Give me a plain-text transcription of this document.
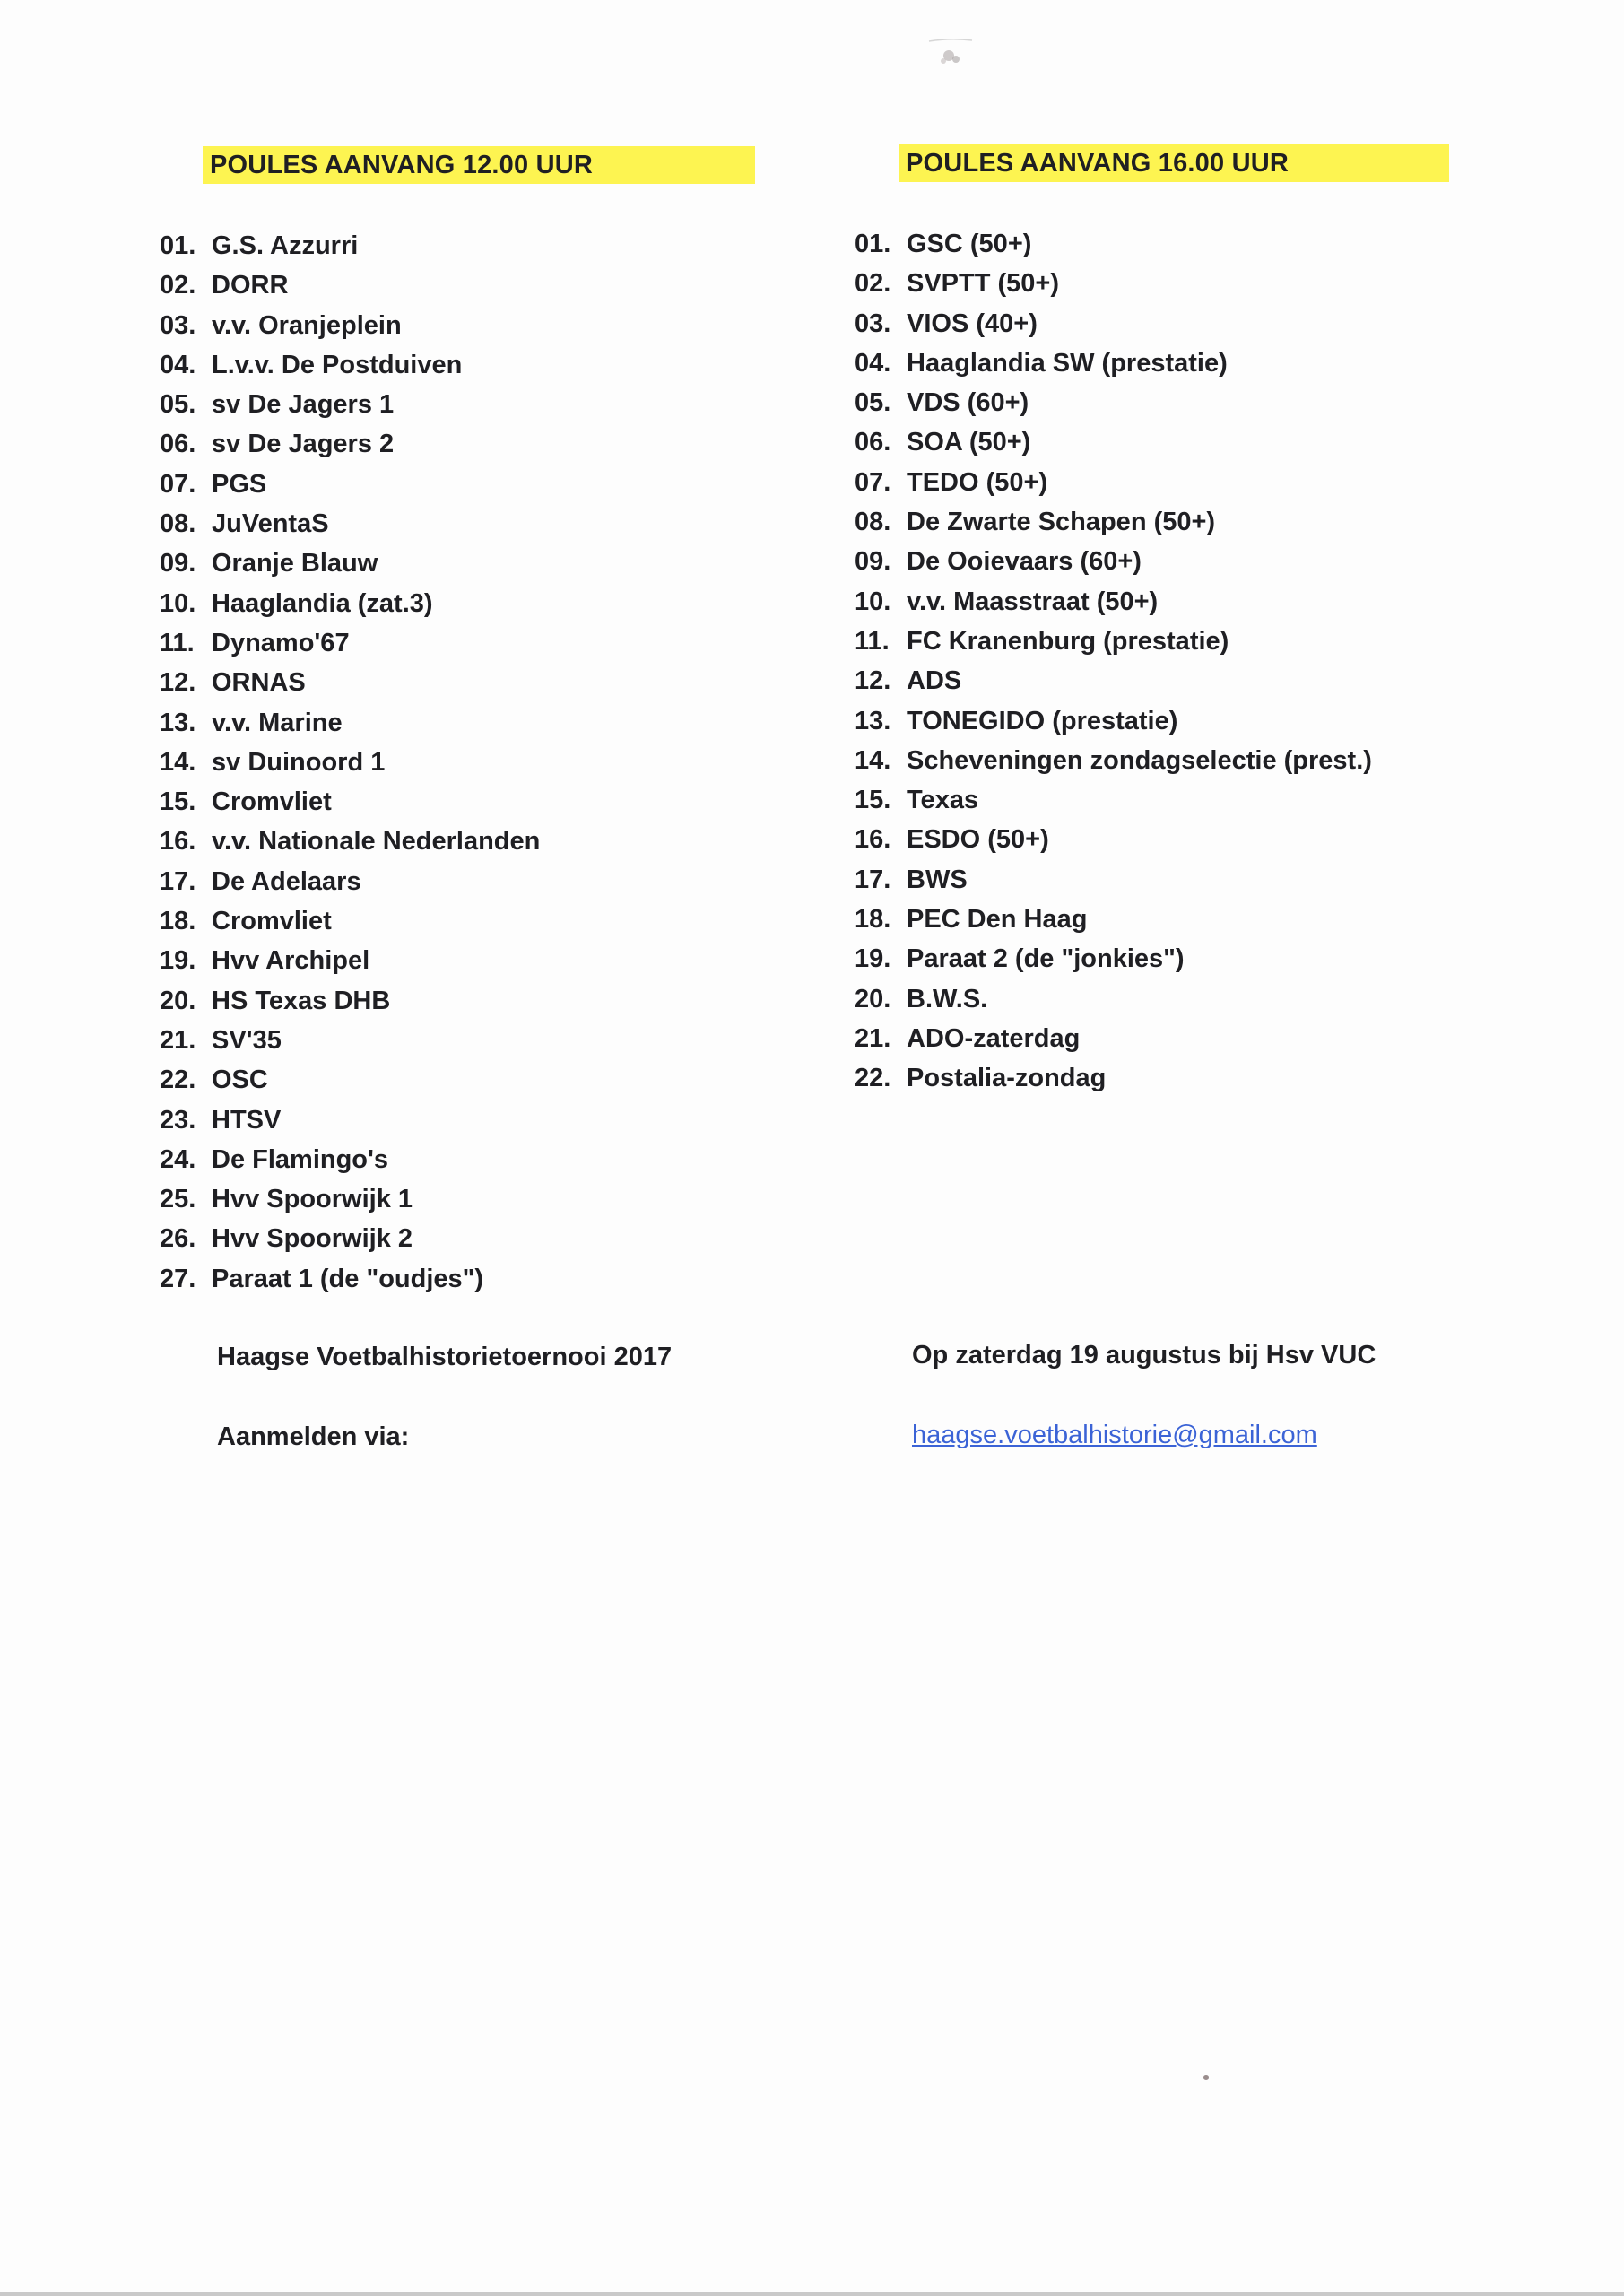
POULES AANVANG 12.00 UUR	POULES AANVANG 16.00 UUR
01. G.S. Azzurri
02. DORR
03. v.v. Oranjeplein
04. L.v.v. De Postduiven
05. sv De Jagers 1
06. sv De Jagers 2
07. PGS
08. JuVentaS
09. Oranje Blauw
10. Haaglandia (zat.3)
11. Dynamo'67
12. ORNAS
13. v.v. Marine
14. sv Duinoord 1
15. Cromvliet
16. v.v. Nationale Nederlanden
17. De Adelaars
18. Cromvliet
19. Hvv Archipel
20. HS Texas DHB
21. SV'35
22. OSC
23. HTSV
24. De Flamingo's
25. Hvv Spoorwijk 1
26. Hvv Spoorwijk 2
27. Paraat 1 (de "oudjes")
01. GSC (50+)
02. SVPTT (50+)
03. VIOS (40+)
04. Haaglandia SW (prestatie)
05. VDS (60+)
06. SOA (50+)
07. TEDO (50+)
08. De Zwarte Schapen (50+)
09. De Ooievaars (60+)
10. v.v. Maasstraat (50+)
11. FC Kranenburg (prestatie)
12. ADS
13. TONEGIDO (prestatie)
14. Scheveningen zondagselectie (prest.)
15. Texas
16. ESDO (50+)
17. BWS
18. PEC Den Haag
19. Paraat 2 (de "jonkies")
20. B.W.S.
21. ADO-zaterdag
22. Postalia-zondag
Haagse Voetbalhistorietoernooi 2017	Op zaterdag 19 augustus bij Hsv VUC
Aanmelden via:	haagse.voetbalhistorie@gmail.com
